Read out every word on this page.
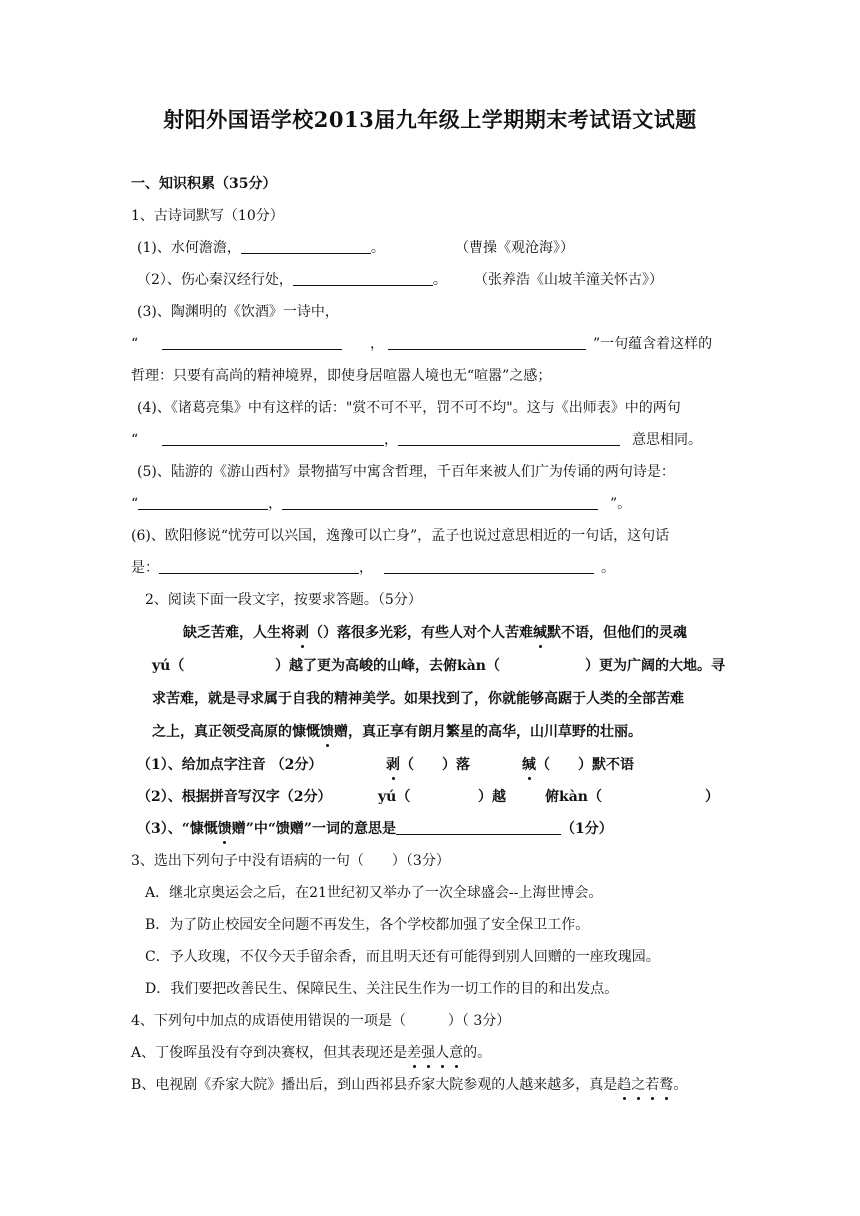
射阳外国语学校2013届九年级上学期期末考试语文试题
一、知识积累（35分）
1、古诗词默写（10分）
(1)、水何澹澹，	。	（曹操《观沧海》）
（2）、伤心秦汉经行处，	。 （张养浩《山坡羊潼关怀古》）
(3)、陶渊明的《饮酒》一诗中，
“	，	”一句蕴含着这样的
哲理：只要有高尚的精神境界，即使身居喧嚣人境也无“喧嚣”之感；
(4)、《诸葛亮集》中有这样的话："赏不可不平，罚不可不均"。这与《出师表》中的两句
“	，	意思相同。
(5)、陆游的《游山西村》景物描写中寓含哲理，千百年来被人们广为传诵的两句诗是：
“	，	”。
(6)、欧阳修说“忧劳可以兴国，逸豫可以亡身”，孟子也说过意思相近的一句话，这句话
是：	，	。
2、阅读下面一段文字，按要求答题。（5分）
缺乏苦难，人生将剥（）落很多光彩，有些人对个人苦难缄默不语，但他们的灵魂
yú（	）越了更为高峻的山峰，去俯kàn（	）更为广阔的大地。寻
求苦难，就是寻求属于自我的精神美学。如果找到了，你就能够高踞于人类的全部苦难
之上，真正领受高原的慷慨馈赠，真正享有朗月繁星的高华，山川草野的壮丽。
（1）、给加点字注音 （2分）	剥（　　）落	缄（　　）默不语
（2）、根据拼音写汉字（2分）	yú（	）越	俯kàn（	）
（3）、“慷慨馈赠”中“馈赠”一词的意思是	（1分）
3、选出下列句子中没有语病的一句（　　）（3分）
A．继北京奥运会之后，在21世纪初又举办了一次全球盛会--上海世博会。
B．为了防止校园安全问题不再发生，各个学校都加强了安全保卫工作。
C．予人玫瑰，不仅今天手留余香，而且明天还有可能得到别人回赠的一座玫瑰园。
D．我们要把改善民生、保障民生、关注民生作为一切工作的目的和出发点。
4、下列句中加点的成语使用错误的一项是（　　　）（ 3分）
A、丁俊晖虽没有夺到决赛权，但其表现还是差强人意的。
B、电视剧《乔家大院》播出后，到山西祁县乔家大院参观的人越来越多，真是趋之若鹜。
